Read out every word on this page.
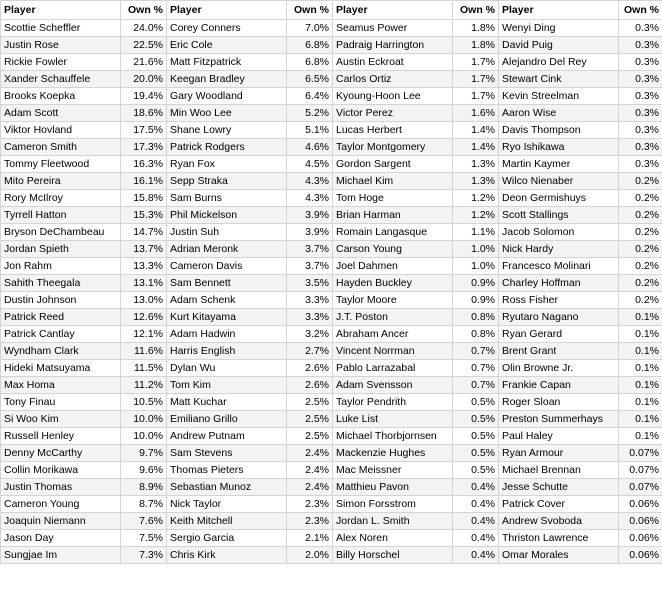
Player	Own %	Player	Own %	Player	Own %	Player	Own %
Scottie Scheffler	24.0%	Corey Conners	7.0%	Seamus Power	1.8%	Wenyi Ding	0.3%
Justin Rose	22.5%	Eric Cole	6.8%	Padraig Harrington	1.8%	David Puig	0.3%
Rickie Fowler	21.6%	Matt Fitzpatrick	6.8%	Austin Eckroat	1.7%	Alejandro Del Rey	0.3%
Xander Schauffele	20.0%	Keegan Bradley	6.5%	Carlos Ortiz	1.7%	Stewart Cink	0.3%
Brooks Koepka	19.4%	Gary Woodland	6.4%	Kyoung-Hoon Lee	1.7%	Kevin Streelman	0.3%
Adam Scott	18.6%	Min Woo Lee	5.2%	Victor Perez	1.6%	Aaron Wise	0.3%
Viktor Hovland	17.5%	Shane Lowry	5.1%	Lucas Herbert	1.4%	Davis Thompson	0.3%
Cameron Smith	17.3%	Patrick Rodgers	4.6%	Taylor Montgomery	1.4%	Ryo Ishikawa	0.3%
Tommy Fleetwood	16.3%	Ryan Fox	4.5%	Gordon Sargent	1.3%	Martin Kaymer	0.3%
Mito Pereira	16.1%	Sepp Straka	4.3%	Michael Kim	1.3%	Wilco Nienaber	0.2%
Rory McIlroy	15.8%	Sam Burns	4.3%	Tom Hoge	1.2%	Deon Germishuys	0.2%
Tyrrell Hatton	15.3%	Phil Mickelson	3.9%	Brian Harman	1.2%	Scott Stallings	0.2%
Bryson DeChambeau	14.7%	Justin Suh	3.9%	Romain Langasque	1.1%	Jacob Solomon	0.2%
Jordan Spieth	13.7%	Adrian Meronk	3.7%	Carson Young	1.0%	Nick Hardy	0.2%
Jon Rahm	13.3%	Cameron Davis	3.7%	Joel Dahmen	1.0%	Francesco Molinari	0.2%
Sahith Theegala	13.1%	Sam Bennett	3.5%	Hayden Buckley	0.9%	Charley Hoffman	0.2%
Dustin Johnson	13.0%	Adam Schenk	3.3%	Taylor Moore	0.9%	Ross Fisher	0.2%
Patrick Reed	12.6%	Kurt Kitayama	3.3%	J.T. Poston	0.8%	Ryutaro Nagano	0.1%
Patrick Cantlay	12.1%	Adam Hadwin	3.2%	Abraham Ancer	0.8%	Ryan Gerard	0.1%
Wyndham Clark	11.6%	Harris English	2.7%	Vincent Norrman	0.7%	Brent Grant	0.1%
Hideki Matsuyama	11.5%	Dylan Wu	2.6%	Pablo Larrazabal	0.7%	Olin Browne Jr.	0.1%
Max Homa	11.2%	Tom Kim	2.6%	Adam Svensson	0.7%	Frankie Capan	0.1%
Tony Finau	10.5%	Matt Kuchar	2.5%	Taylor Pendrith	0.5%	Roger Sloan	0.1%
Si Woo Kim	10.0%	Emiliano Grillo	2.5%	Luke List	0.5%	Preston Summerhays	0.1%
Russell Henley	10.0%	Andrew Putnam	2.5%	Michael Thorbjornsen	0.5%	Paul Haley	0.1%
Denny McCarthy	9.7%	Sam Stevens	2.4%	Mackenzie Hughes	0.5%	Ryan Armour	0.07%
Collin Morikawa	9.6%	Thomas Pieters	2.4%	Mac Meissner	0.5%	Michael Brennan	0.07%
Justin Thomas	8.9%	Sebastian Munoz	2.4%	Matthieu Pavon	0.4%	Jesse Schutte	0.07%
Cameron Young	8.7%	Nick Taylor	2.3%	Simon Forsstrom	0.4%	Patrick Cover	0.06%
Joaquin Niemann	7.6%	Keith Mitchell	2.3%	Jordan L. Smith	0.4%	Andrew Svoboda	0.06%
Jason Day	7.5%	Sergio Garcia	2.1%	Alex Noren	0.4%	Thriston Lawrence	0.06%
Sungjae Im	7.3%	Chris Kirk	2.0%	Billy Horschel	0.4%	Omar Morales	0.06%
